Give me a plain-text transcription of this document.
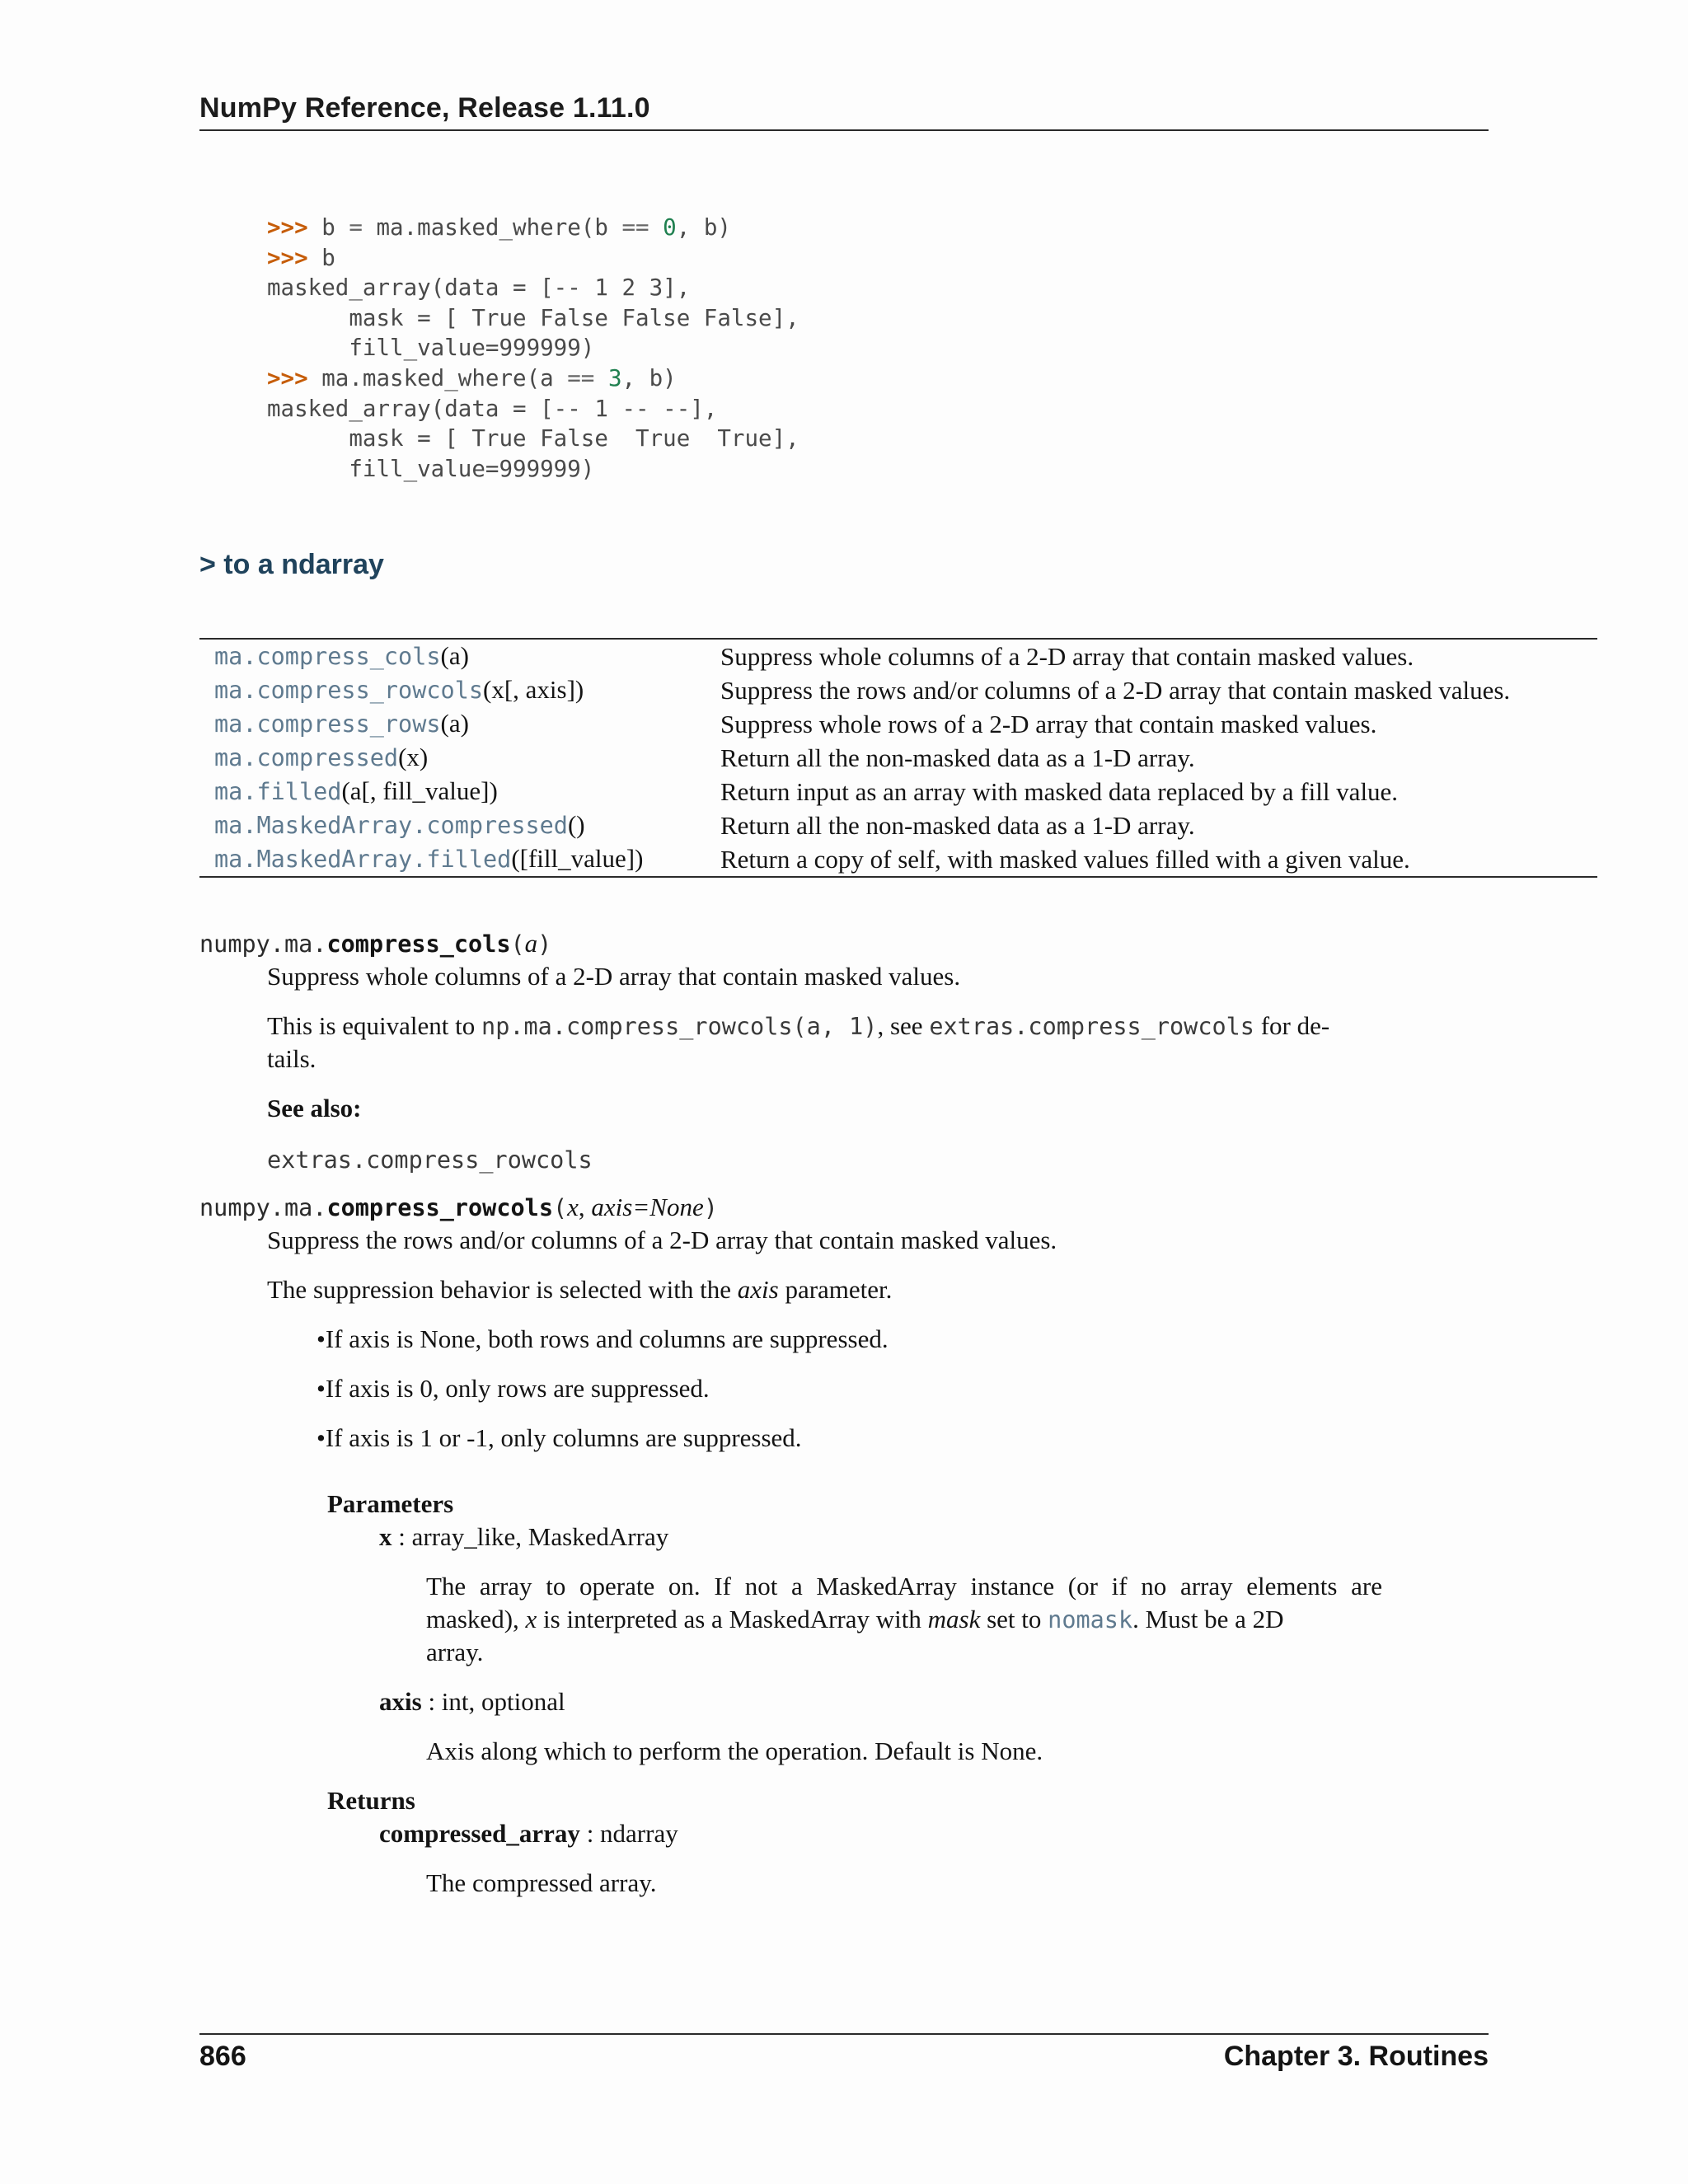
NumPy Reference, Release 1.11.0
>>> b = ma.masked_where(b == 0, b)
>>> b
masked_array(data = [-- 1 2 3],
mask = [ True False False False],
fill_value=999999)
>>> ma.masked_where(a == 3, b)
masked_array(data = [-- 1 -- --],
mask = [ True False  True  True],
fill_value=999999)
> to a ndarray
ma.compress_cols(a)	Suppress whole columns of a 2-D array that contain masked values.
ma.compress_rowcols(x[, axis])	Suppress the rows and/or columns of a 2-D array that contain masked values.
ma.compress_rows(a)	Suppress whole rows of a 2-D array that contain masked values.
ma.compressed(x)	Return all the non-masked data as a 1-D array.
ma.filled(a[, fill_value])	Return input as an array with masked data replaced by a fill value.
ma.MaskedArray.compressed()	Return all the non-masked data as a 1-D array.
ma.MaskedArray.filled([fill_value])	Return a copy of self, with masked values filled with a given value.
numpy.ma.compress_cols(a)
Suppress whole columns of a 2-D array that contain masked values.
This is equivalent to np.ma.compress_rowcols(a, 1), see extras.compress_rowcols for de-
tails.
See also:
extras.compress_rowcols
numpy.ma.compress_rowcols(x, axis=None)
Suppress the rows and/or columns of a 2-D array that contain masked values.
The suppression behavior is selected with the axis parameter.
•If axis is None, both rows and columns are suppressed.
•If axis is 0, only rows are suppressed.
•If axis is 1 or -1, only columns are suppressed.
Parameters
x : array_like, MaskedArray
The array to operate on. If not a MaskedArray instance (or if no array elements are
masked), x is interpreted as a MaskedArray with mask set to nomask. Must be a 2D
array.
axis : int, optional
Axis along which to perform the operation. Default is None.
Returns
compressed_array : ndarray
The compressed array.
866	Chapter 3. Routines
